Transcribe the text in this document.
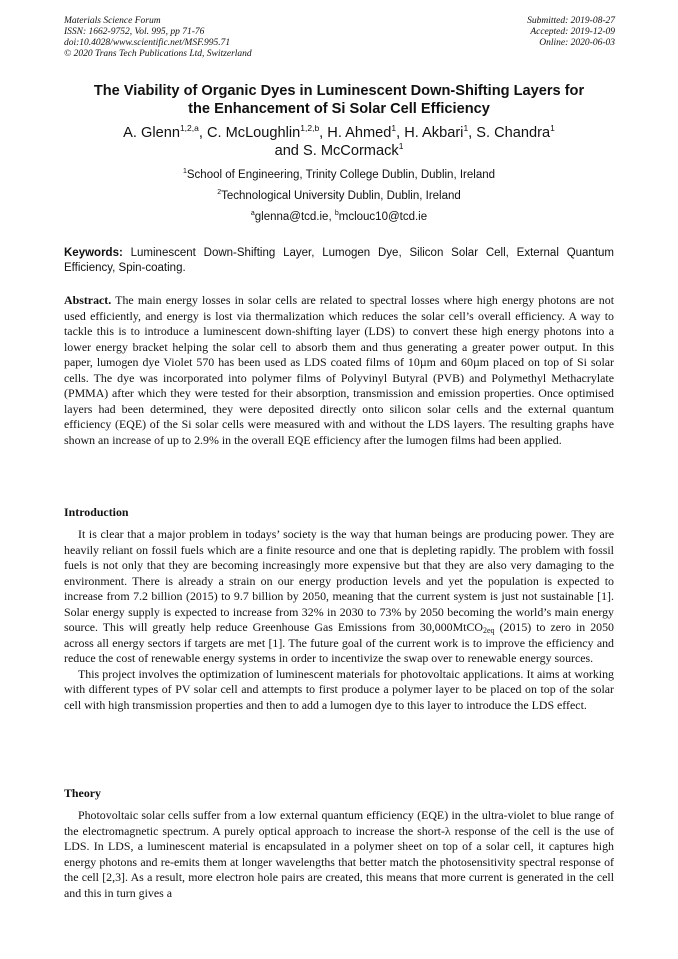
Materials Science Forum
ISSN: 1662-9752, Vol. 995, pp 71-76
doi:10.4028/www.scientific.net/MSF.995.71
© 2020 Trans Tech Publications Ltd, Switzerland
Submitted: 2019-08-27
Accepted: 2019-12-09
Online: 2020-06-03
The Viability of Organic Dyes in Luminescent Down-Shifting Layers for
the Enhancement of Si Solar Cell Efficiency
A. Glenn$^{1,2,a}$, C. McLoughlin$^{1,2,b}$, H. Ahmed$^1$, H. Akbari$^1$, S. Chandra$^1$
and S. McCormack$^1$
$^1$School of Engineering, Trinity College Dublin, Dublin, Ireland
$^2$Technological University Dublin, Dublin, Ireland
$^a$glenna@tcd.ie, $^b$mclouc10@tcd.ie
Keywords: Luminescent Down-Shifting Layer, Lumogen Dye, Silicon Solar Cell, External Quantum Efficiency, Spin-coating.
Abstract. The main energy losses in solar cells are related to spectral losses where high energy photons are not used efficiently, and energy is lost via thermalization which reduces the solar cell’s overall efficiency. A way to tackle this is to introduce a luminescent down-shifting layer (LDS) to convert these high energy photons into a lower energy bracket helping the solar cell to absorb them and thus generating a greater power output. In this paper, lumogen dye Violet 570 has been used as LDS coated films of 10µm and 60µm placed on top of Si solar cells. The dye was incorporated into polymer films of Polyvinyl Butyral (PVB) and Polymethyl Methacrylate (PMMA) after which they were tested for their absorption, transmission and emission properties. Once optimised layers had been determined, they were deposited directly onto silicon solar cells and the external quantum efficiency (EQE) of the Si solar cells were measured with and without the LDS layers. The resulting graphs have shown an increase of up to 2.9% in the overall EQE efficiency after the lumogen films had been applied.
Introduction

It is clear that a major problem in todays’ society is the way that human beings are producing power. They are heavily reliant on fossil fuels which are a finite resource and one that is depleting rapidly. The problem with fossil fuels is not only that they are becoming increasingly more expensive but that they are also very damaging to the environment. There is already a strain on our energy production levels and yet the population is expected to increase from 7.2 billion (2015) to 9.7 billion by 2050, meaning that the current system is just not sustainable [1]. Solar energy supply is expected to increase from 32% in 2030 to 73% by 2050 becoming the world’s main energy source. This will greatly help reduce Greenhouse Gas Emissions from 30,000MtCO$_{2eq}$ (2015) to zero in 2050 across all energy sectors if targets are met [1]. The future goal of the current work is to improve the efficiency and reduce the cost of renewable energy systems in order to incentivize the swap over to renewable energy sources.

This project involves the optimization of luminescent materials for photovoltaic applications. It aims at working with different types of PV solar cell and attempts to first produce a polymer layer to be placed on top of the solar cell with high transmission properties and then to add a lumogen dye to this layer to introduce the LDS effect.

Theory

Photovoltaic solar cells suffer from a low external quantum efficiency (EQE) in the ultra-violet to blue range of the electromagnetic spectrum. A purely optical approach to increase the short-λ response of the cell is the use of LDS. In LDS, a luminescent material is encapsulated in a polymer sheet on top of a solar cell, it captures high energy photons and re-emits them at longer wavelengths that better match the photosensitivity spectral response of the cell [2,3]. As a result, more electron hole pairs are created, this means that more current is generated in the cell and this in turn gives a
